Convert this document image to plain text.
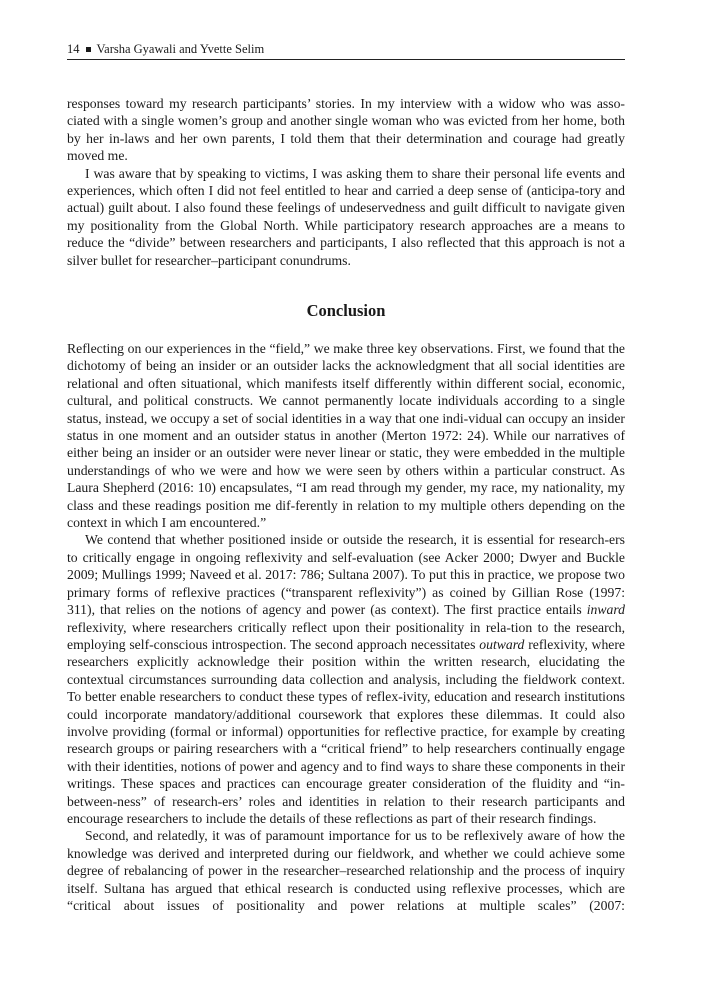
14 Varsha Gyawali and Yvette Selim

responses toward my research participants’ stories. In my interview with a widow who was asso-ciated with a single women’s group and another single woman who was evicted from her home, both by her in-laws and her own parents, I told them that their determination and courage had greatly moved me.

I was aware that by speaking to victims, I was asking them to share their personal life events and experiences, which often I did not feel entitled to hear and carried a deep sense of (anticipa-tory and actual) guilt about. I also found these feelings of undeservedness and guilt difficult to navigate given my positionality from the Global North. While participatory research approaches are a means to reduce the “divide” between researchers and participants, I also reflected that this approach is not a silver bullet for researcher–participant conundrums.

Conclusion

Reflecting on our experiences in the “field,” we make three key observations. First, we found that the dichotomy of being an insider or an outsider lacks the acknowledgment that all social identities are relational and often situational, which manifests itself differently within different social, economic, cultural, and political constructs. We cannot permanently locate individuals according to a single status, instead, we occupy a set of social identities in a way that one indi-vidual can occupy an insider status in one moment and an outsider status in another (Merton 1972: 24). While our narratives of either being an insider or an outsider were never linear or static, they were embedded in the multiple understandings of who we were and how we were seen by others within a particular construct. As Laura Shepherd (2016: 10) encapsulates, “I am read through my gender, my race, my nationality, my class and these readings position me dif-ferently in relation to my multiple others depending on the context in which I am encountered.”

We contend that whether positioned inside or outside the research, it is essential for research-ers to critically engage in ongoing reflexivity and self-evaluation (see Acker 2000; Dwyer and Buckle 2009; Mullings 1999; Naveed et al. 2017: 786; Sultana 2007). To put this in practice, we propose two primary forms of reflexive practices (“transparent reflexivity”) as coined by Gillian Rose (1997: 311), that relies on the notions of agency and power (as context). The first practice entails inward reflexivity, where researchers critically reflect upon their positionality in rela-tion to the research, employing self-conscious introspection. The second approach necessitates outward reflexivity, where researchers explicitly acknowledge their position within the written research, elucidating the contextual circumstances surrounding data collection and analysis, including the fieldwork context. To better enable researchers to conduct these types of reflex-ivity, education and research institutions could incorporate mandatory/additional coursework that explores these dilemmas. It could also involve providing (formal or informal) opportunities for reflective practice, for example by creating research groups or pairing researchers with a “critical friend” to help researchers continually engage with their identities, notions of power and agency and to find ways to share these components in their writings. These spaces and practices can encourage greater consideration of the fluidity and “in-between-ness” of research-ers’ roles and identities in relation to their research participants and encourage researchers to include the details of these reflections as part of their research findings.

Second, and relatedly, it was of paramount importance for us to be reflexively aware of how the knowledge was derived and interpreted during our fieldwork, and whether we could achieve some degree of rebalancing of power in the researcher–researched relationship and the process of inquiry itself. Sultana has argued that ethical research is conducted using reflexive processes, which are “critical about issues of positionality and power relations at multiple scales” (2007:
